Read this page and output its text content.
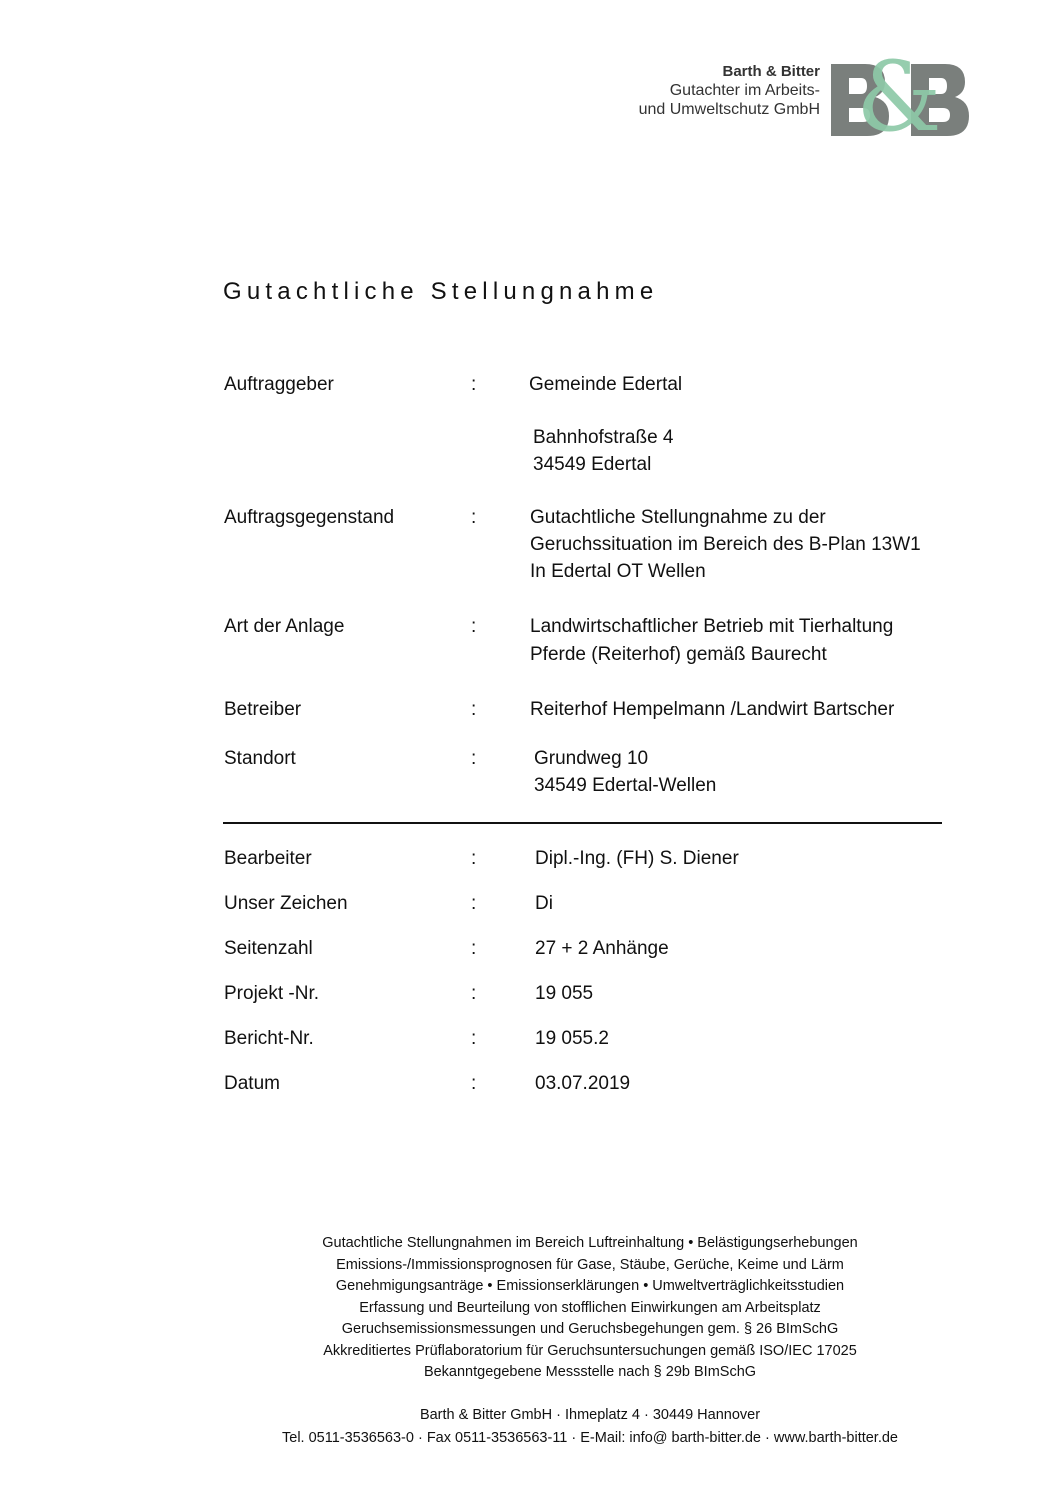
Barth & Bitter
Gutachter im Arbeits-
und Umweltschutz GmbH &
Gutachtliche Stellungnahme
Auftraggeber	:	Gemeinde Edertal
Bahnhofstraße 4
34549 Edertal
Auftragsgegenstand	:	Gutachtliche Stellungnahme zu der
Geruchssituation im Bereich des B-Plan 13W1
In Edertal OT Wellen
Art der Anlage	:	Landwirtschaftlicher Betrieb mit Tierhaltung
Pferde (Reiterhof) gemäß Baurecht
Betreiber	:	Reiterhof Hempelmann /Landwirt Bartscher
Standort	:	Grundweg 10
34549 Edertal-Wellen
Bearbeiter	:	Dipl.-Ing. (FH) S. Diener
Unser Zeichen	:	Di
Seitenzahl	:	27 + 2 Anhänge
Projekt -Nr.	:	19 055
Bericht-Nr.	:	19 055.2
Datum	:	03.07.2019
Gutachtliche Stellungnahmen im Bereich Luftreinhaltung • Belästigungserhebungen
Emissions-/Immissionsprognosen für Gase, Stäube, Gerüche, Keime und Lärm
Genehmigungsanträge • Emissionserklärungen • Umweltverträglichkeitsstudien
Erfassung und Beurteilung von stofflichen Einwirkungen am Arbeitsplatz
Geruchsemissionsmessungen und Geruchsbegehungen gem. § 26 BImSchG
Akkreditiertes Prüflaboratorium für Geruchsuntersuchungen gemäß ISO/IEC 17025
Bekanntgegebene Messstelle nach § 29b BImSchG
Barth & Bitter GmbH · Ihmeplatz 4 · 30449 Hannover
Tel. 0511-3536563-0 · Fax 0511-3536563-11 · E-Mail: info@ barth-bitter.de · www.barth-bitter.de
